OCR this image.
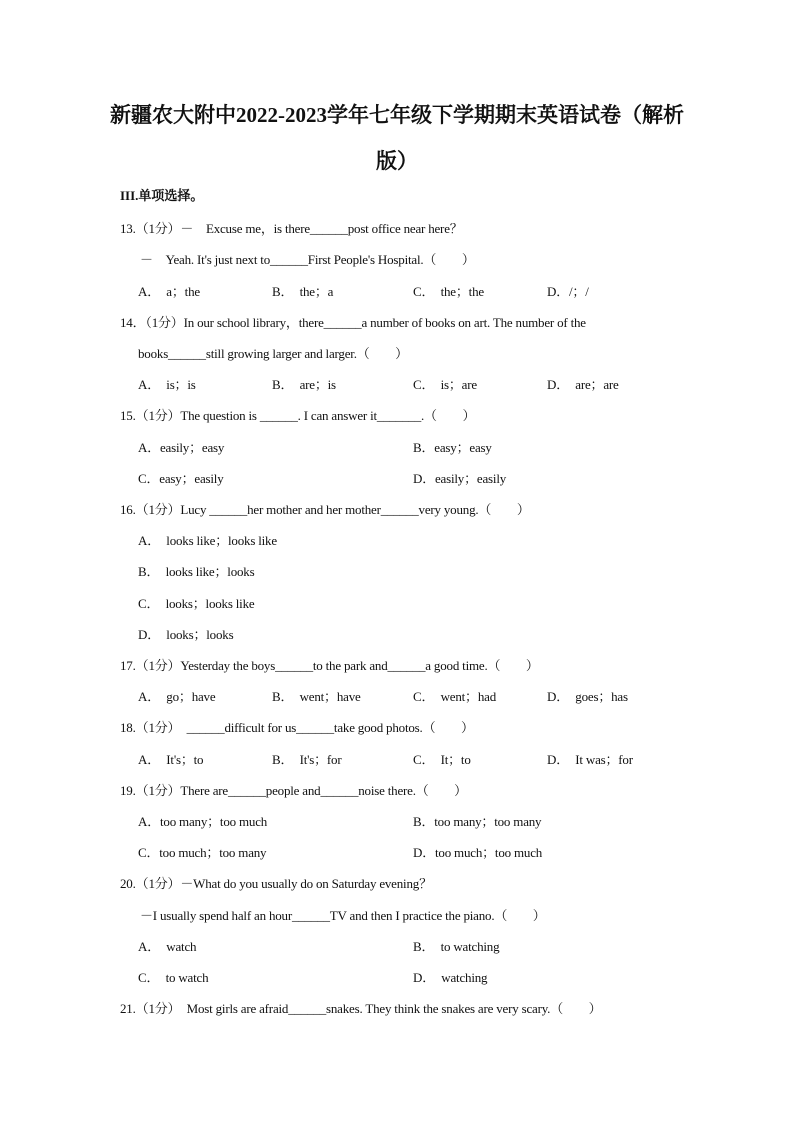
新疆农大附中2022-2023学年七年级下学期期末英语试卷（解析
版）
III.单项选择。
13.（1分）－　Excuse me，is there______post office near here？
－　Yeah. It's just next to______First People's Hospital.（　　）
A．　a；the	B．　the；a	C．　the；the	D．/；/
14．（1分）In our school library，there______a number of books on art. The number of the
books______still growing larger and larger.（　　）
A．　is；is	B．　are；is	C．　is；are	D．　are；are
15.（1分）The question is ______. I can answer it_______.（　　）
A．easily；easy	B．easy；easy
C．easy；easily	D．easily；easily
16.（1分）Lucy ______her mother and her mother______very young.（　　）
A．　looks like；looks like
B．　looks like；looks
C．　looks；looks like
D．　looks；looks
17.（1分）Yesterday the boys______to the park and______a good time.（　　）
A．　go；have	B．　went；have	C．　went；had	D．　goes；has
18.（1分）　______difficult for us______take good photos.（　　）
A．　It's；to	B．　It's；for	C．　It；to	D．　It was；for
19.（1分）There are______people and______noise there.（　　）
A．too many；too much	B．too many；too many
C．too much；too many	D．too much；too much
20.（1分）－What do you usually do on Saturday evening？
－I usually spend half an hour______TV and then I practice the piano.（　　）
A．　watch	B．　to watching
C．　to watch	D．　watching
21.（1分）　Most girls are afraid______snakes. They think the snakes are very scary.（　　）
